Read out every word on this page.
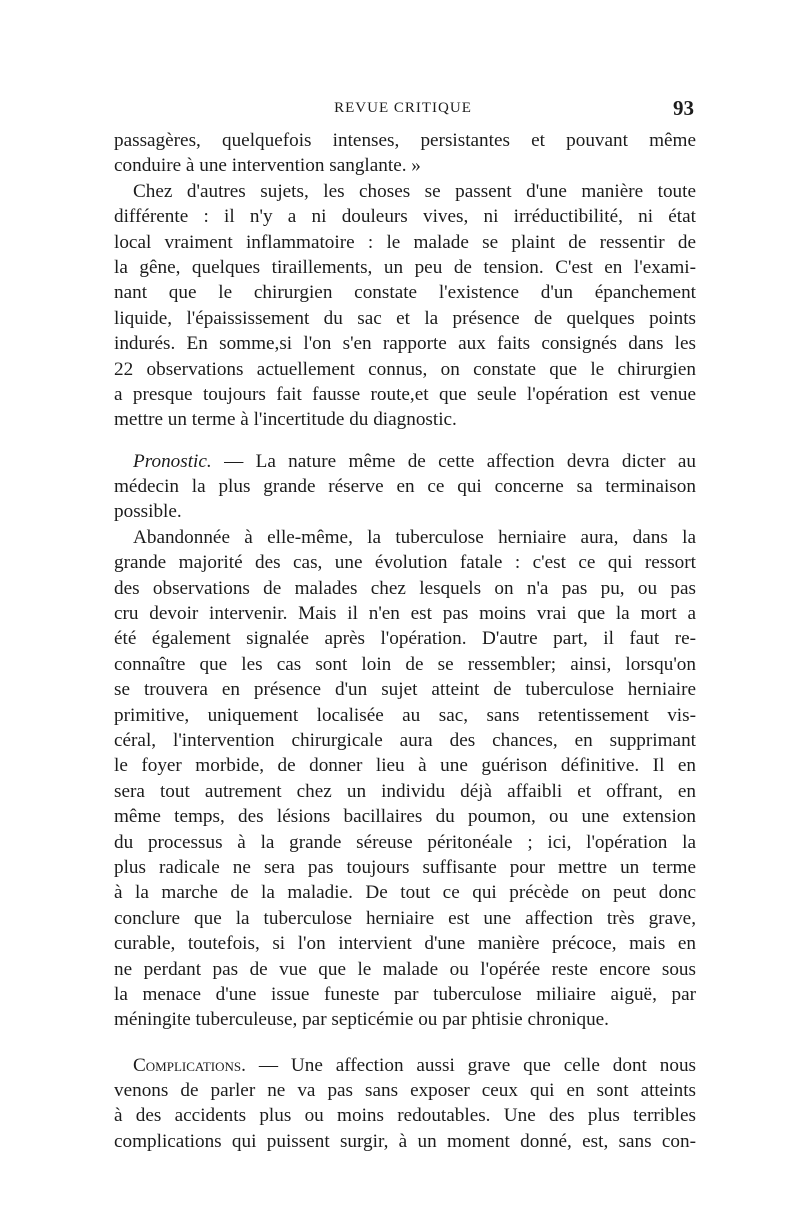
REVUE CRITIQUE	93
passagères, quelquefois intenses, persistantes et pouvant même
conduire à une intervention sanglante. »
Chez d'autres sujets, les choses se passent d'une manière toute
différente : il n'y a ni douleurs vives, ni irréductibilité, ni état
local vraiment inflammatoire : le malade se plaint de ressentir de
la gêne, quelques tiraillements, un peu de tension. C'est en l'exami-
nant que le chirurgien constate l'existence d'un épanchement
liquide, l'épaississement du sac et la présence de quelques points
indurés. En somme,si l'on s'en rapporte aux faits consignés dans les
22 observations actuellement connus, on constate que le chirurgien
a presque toujours fait fausse route,et que seule l'opération est venue
mettre un terme à l'incertitude du diagnostic.
Pronostic. — La nature même de cette affection devra dicter au
médecin la plus grande réserve en ce qui concerne sa terminaison
possible.
Abandonnée à elle-même, la tuberculose herniaire aura, dans la
grande majorité des cas, une évolution fatale : c'est ce qui ressort
des observations de malades chez lesquels on n'a pas pu, ou pas
cru devoir intervenir. Mais il n'en est pas moins vrai que la mort a
été également signalée après l'opération. D'autre part, il faut re-
connaître que les cas sont loin de se ressembler; ainsi, lorsqu'on
se trouvera en présence d'un sujet atteint de tuberculose herniaire
primitive, uniquement localisée au sac, sans retentissement vis-
céral, l'intervention chirurgicale aura des chances, en supprimant
le foyer morbide, de donner lieu à une guérison définitive. Il en
sera tout autrement chez un individu déjà affaibli et offrant, en
même temps, des lésions bacillaires du poumon, ou une extension
du processus à la grande séreuse péritonéale ; ici, l'opération la
plus radicale ne sera pas toujours suffisante pour mettre un terme
à la marche de la maladie. De tout ce qui précède on peut donc
conclure que la tuberculose herniaire est une affection très grave,
curable, toutefois, si l'on intervient d'une manière précoce, mais en
ne perdant pas de vue que le malade ou l'opérée reste encore sous
la menace d'une issue funeste par tuberculose miliaire aiguë, par
méningite tuberculeuse, par septicémie ou par phtisie chronique.
Complications. — Une affection aussi grave que celle dont nous
venons de parler ne va pas sans exposer ceux qui en sont atteints
à des accidents plus ou moins redoutables. Une des plus terribles
complications qui puissent surgir, à un moment donné, est, sans con-
